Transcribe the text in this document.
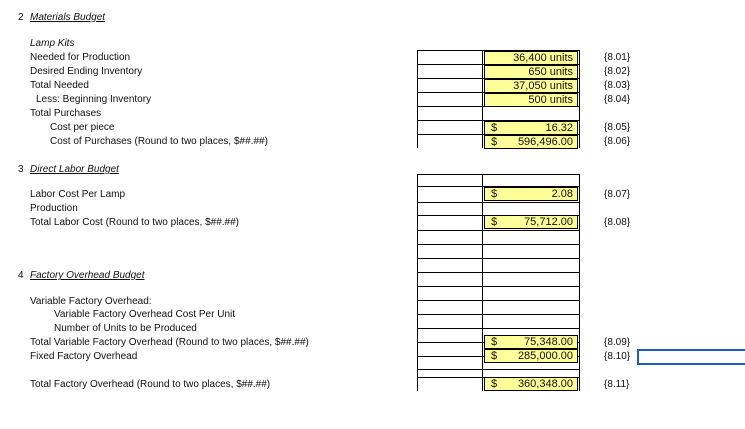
2 Materials Budget
Lamp Kits
Needed for Production
Desired Ending Inventory
Total Needed
Less: Beginning Inventory
Total Purchases
Cost per piece
Cost of Purchases (Round to two places, $##.##)
36,400 units
650 units
37,050 units
500 units
$	16.32
$ 596,496.00
{8.01}
{8.02}
{8.03}
{8.04}
{8.05}
{8.06}
3 Direct Labor Budget
Labor Cost Per Lamp
Production
Total Labor Cost (Round to two places, $##.##)
$	2.08
$ 75,712.00
{8.07}
{8.08}
4 Factory Overhead Budget
Variable Factory Overhead:
Variable Factory Overhead Cost Per Unit
Number of Units to be Produced
Total Variable Factory Overhead (Round to two places, $##.##)
Fixed Factory Overhead
Total Factory Overhead (Round to two places, $##.##)
$ 75,348.00
$ 285,000.00
$ 360,348.00
{8.09}
{8.10}
{8.11}
